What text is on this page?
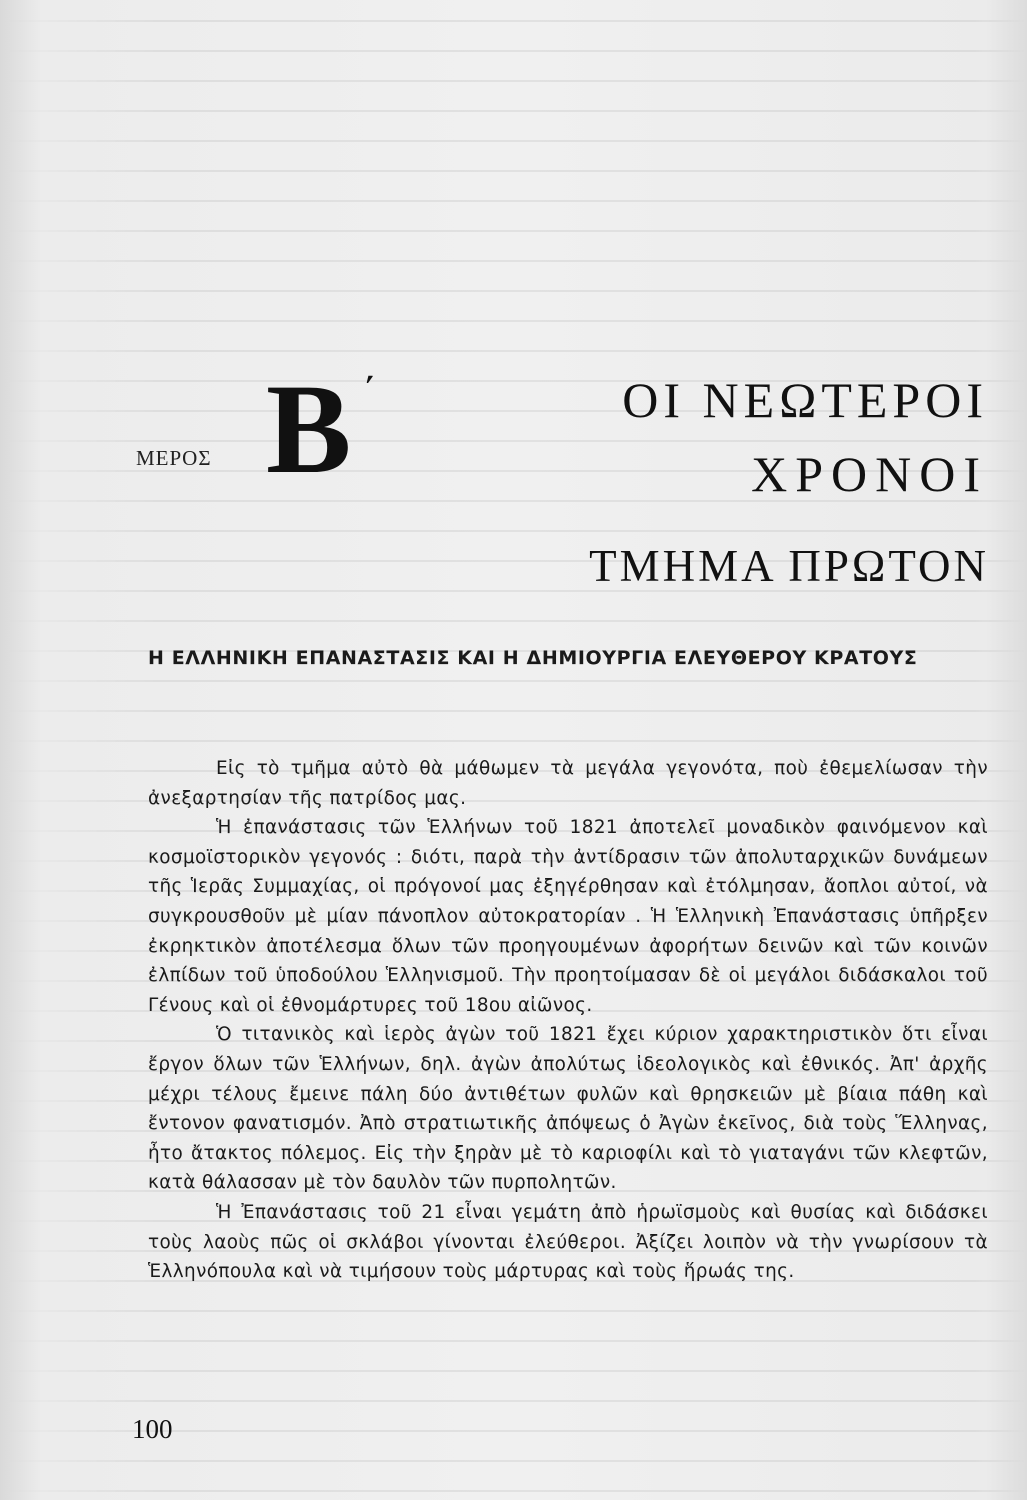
ΜΕΡΟΣ Β ΄	ΟΙ ΝΕΩΤΕΡΟΙ
ΧΡΟΝΟΙ
ΤΜΗΜΑ ΠΡΩΤΟΝ
Η ΕΛΛΗΝΙΚΗ ΕΠΑΝΑΣΤΑΣΙΣ ΚΑΙ Η ΔΗΜΙΟΥΡΓΙΑ ΕΛΕΥΘΕΡΟΥ ΚΡΑΤΟΥΣ

Εἰς τὸ τμῆμα αὐτὸ θὰ μάθωμεν τὰ μεγάλα γεγονότα, ποὺ ἐθεμελίωσαν τὴν ἀνεξαρτησίαν τῆς πατρίδος μας.

Ἡ ἐπανάστασις τῶν Ἑλλήνων τοῦ 1821 ἀποτελεῖ μοναδικὸν φαινόμενον καὶ κοσμοϊστορικὸν γεγονός : διότι, παρὰ τὴν ἀντίδρασιν τῶν ἀπολυταρχικῶν δυνάμεων τῆς Ἱερᾶς Συμμαχίας, οἱ πρόγονοί μας ἐξηγέρθησαν καὶ ἐτόλμησαν, ἄοπλοι αὐτοί, νὰ συγκρουσθοῦν μὲ μίαν πάνοπλον αὐτοκρατορίαν . Ἡ Ἑλληνικὴ Ἐπανάστασις ὑπῆρξεν ἐκρηκτικὸν ἀποτέλεσμα ὅλων τῶν προηγουμένων ἀφορήτων δεινῶν καὶ τῶν κοινῶν ἐλπίδων τοῦ ὑποδούλου Ἑλληνισμοῦ. Τὴν προητοίμασαν δὲ οἱ μεγάλοι διδάσκαλοι τοῦ Γένους καὶ οἱ ἐθνομάρτυρες τοῦ 18ου αἰῶνος.

Ὁ τιτανικὸς καὶ ἱερὸς ἀγὼν τοῦ 1821 ἔχει κύριον χαρακτηριστικὸν ὅτι εἶναι ἔργον ὅλων τῶν Ἑλλήνων, δηλ. ἀγὼν ἀπολύτως ἰδεολογικὸς καὶ ἐθνικός. Ἀπ' ἀρχῆς μέχρι τέλους ἔμεινε πάλη δύο ἀντιθέτων φυλῶν καὶ θρησκειῶν μὲ βίαια πάθη καὶ ἔντονον φανατισμόν. Ἀπὸ στρατιωτικῆς ἀπόψεως ὁ Ἀγὼν ἐκεῖνος, διὰ τοὺς Ἕλληνας, ἦτο ἄτακτος πόλεμος. Εἰς τὴν ξηρὰν μὲ τὸ καριοφίλι καὶ τὸ γιαταγάνι τῶν κλεφτῶν, κατὰ θάλασσαν μὲ τὸν δαυλὸν τῶν πυρπολητῶν.

Ἡ Ἐπανάστασις τοῦ 21 εἶναι γεμάτη ἀπὸ ἡρωϊσμοὺς καὶ θυσίας καὶ διδάσκει τοὺς λαοὺς πῶς οἱ σκλάβοι γίνονται ἐλεύθεροι. Ἀξίζει λοιπὸν νὰ τὴν γνωρίσουν τὰ Ἑλληνόπουλα καὶ νὰ τιμήσουν τοὺς μάρτυρας καὶ τοὺς ἥρωάς της.

100
